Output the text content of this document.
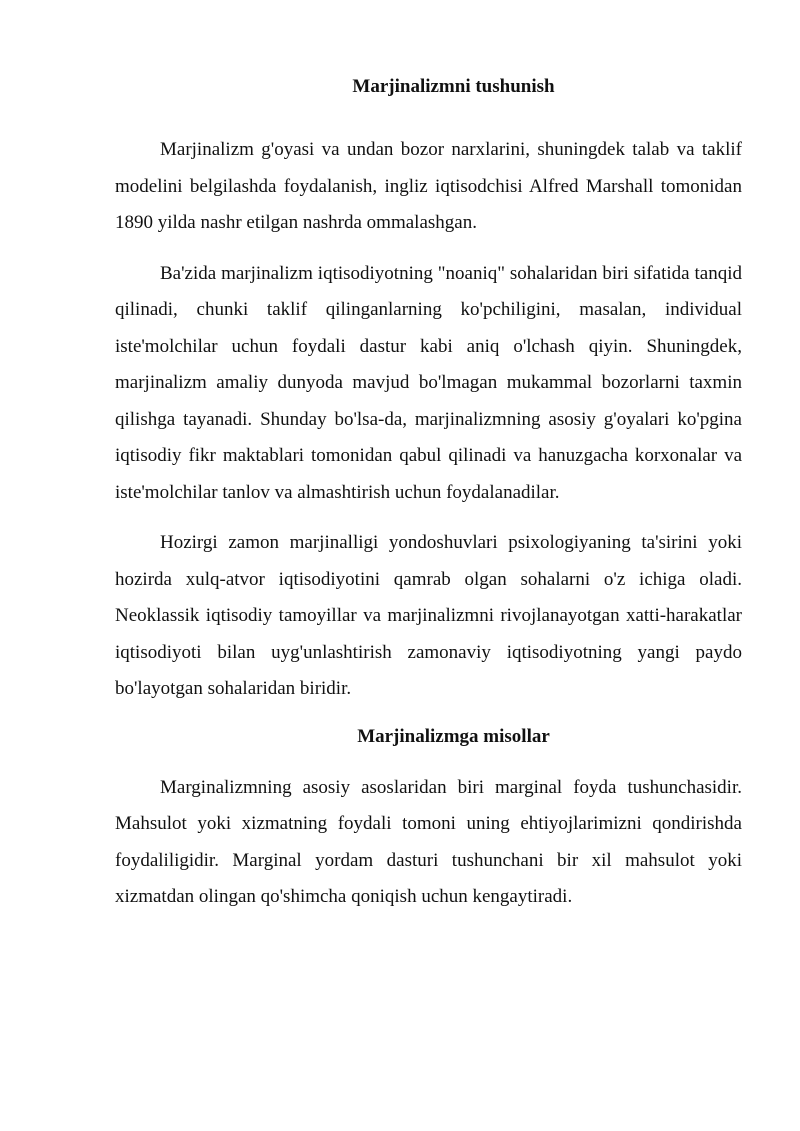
Marjinalizmni tushunish

Marjinalizm g'oyasi va undan bozor narxlarini, shuningdek talab va taklif modelini belgilashda foydalanish, ingliz iqtisodchisi Alfred Marshall tomonidan 1890 yilda nashr etilgan nashrda ommalashgan.

Ba'zida marjinalizm iqtisodiyotning "noaniq" sohalaridan biri sifatida tanqid qilinadi, chunki taklif qilinganlarning ko'pchiligini, masalan, individual iste'molchilar uchun foydali dastur kabi aniq o'lchash qiyin. Shuningdek, marjinalizm amaliy dunyoda mavjud bo'lmagan mukammal bozorlarni taxmin qilishga tayanadi. Shunday bo'lsa-da, marjinalizmning asosiy g'oyalari ko'pgina iqtisodiy fikr maktablari tomonidan qabul qilinadi va hanuzgacha korxonalar va iste'molchilar tanlov va almashtirish uchun foydalanadilar.

Hozirgi zamon marjinalligi yondoshuvlari psixologiyaning ta'sirini yoki hozirda xulq-atvor iqtisodiyotini qamrab olgan sohalarni o'z ichiga oladi. Neoklassik iqtisodiy tamoyillar va marjinalizmni rivojlanayotgan xatti-harakatlar iqtisodiyoti bilan uyg'unlashtirish zamonaviy iqtisodiyotning yangi paydo bo'layotgan sohalaridan biridir.

Marjinalizmga misollar

Marginalizmning asosiy asoslaridan biri marginal foyda tushunchasidir. Mahsulot yoki xizmatning foydali tomoni uning ehtiyojlarimizni qondirishda foydaliligidir. Marginal yordam dasturi tushunchani bir xil mahsulot yoki xizmatdan olingan qo'shimcha qoniqish uchun kengaytiradi.
